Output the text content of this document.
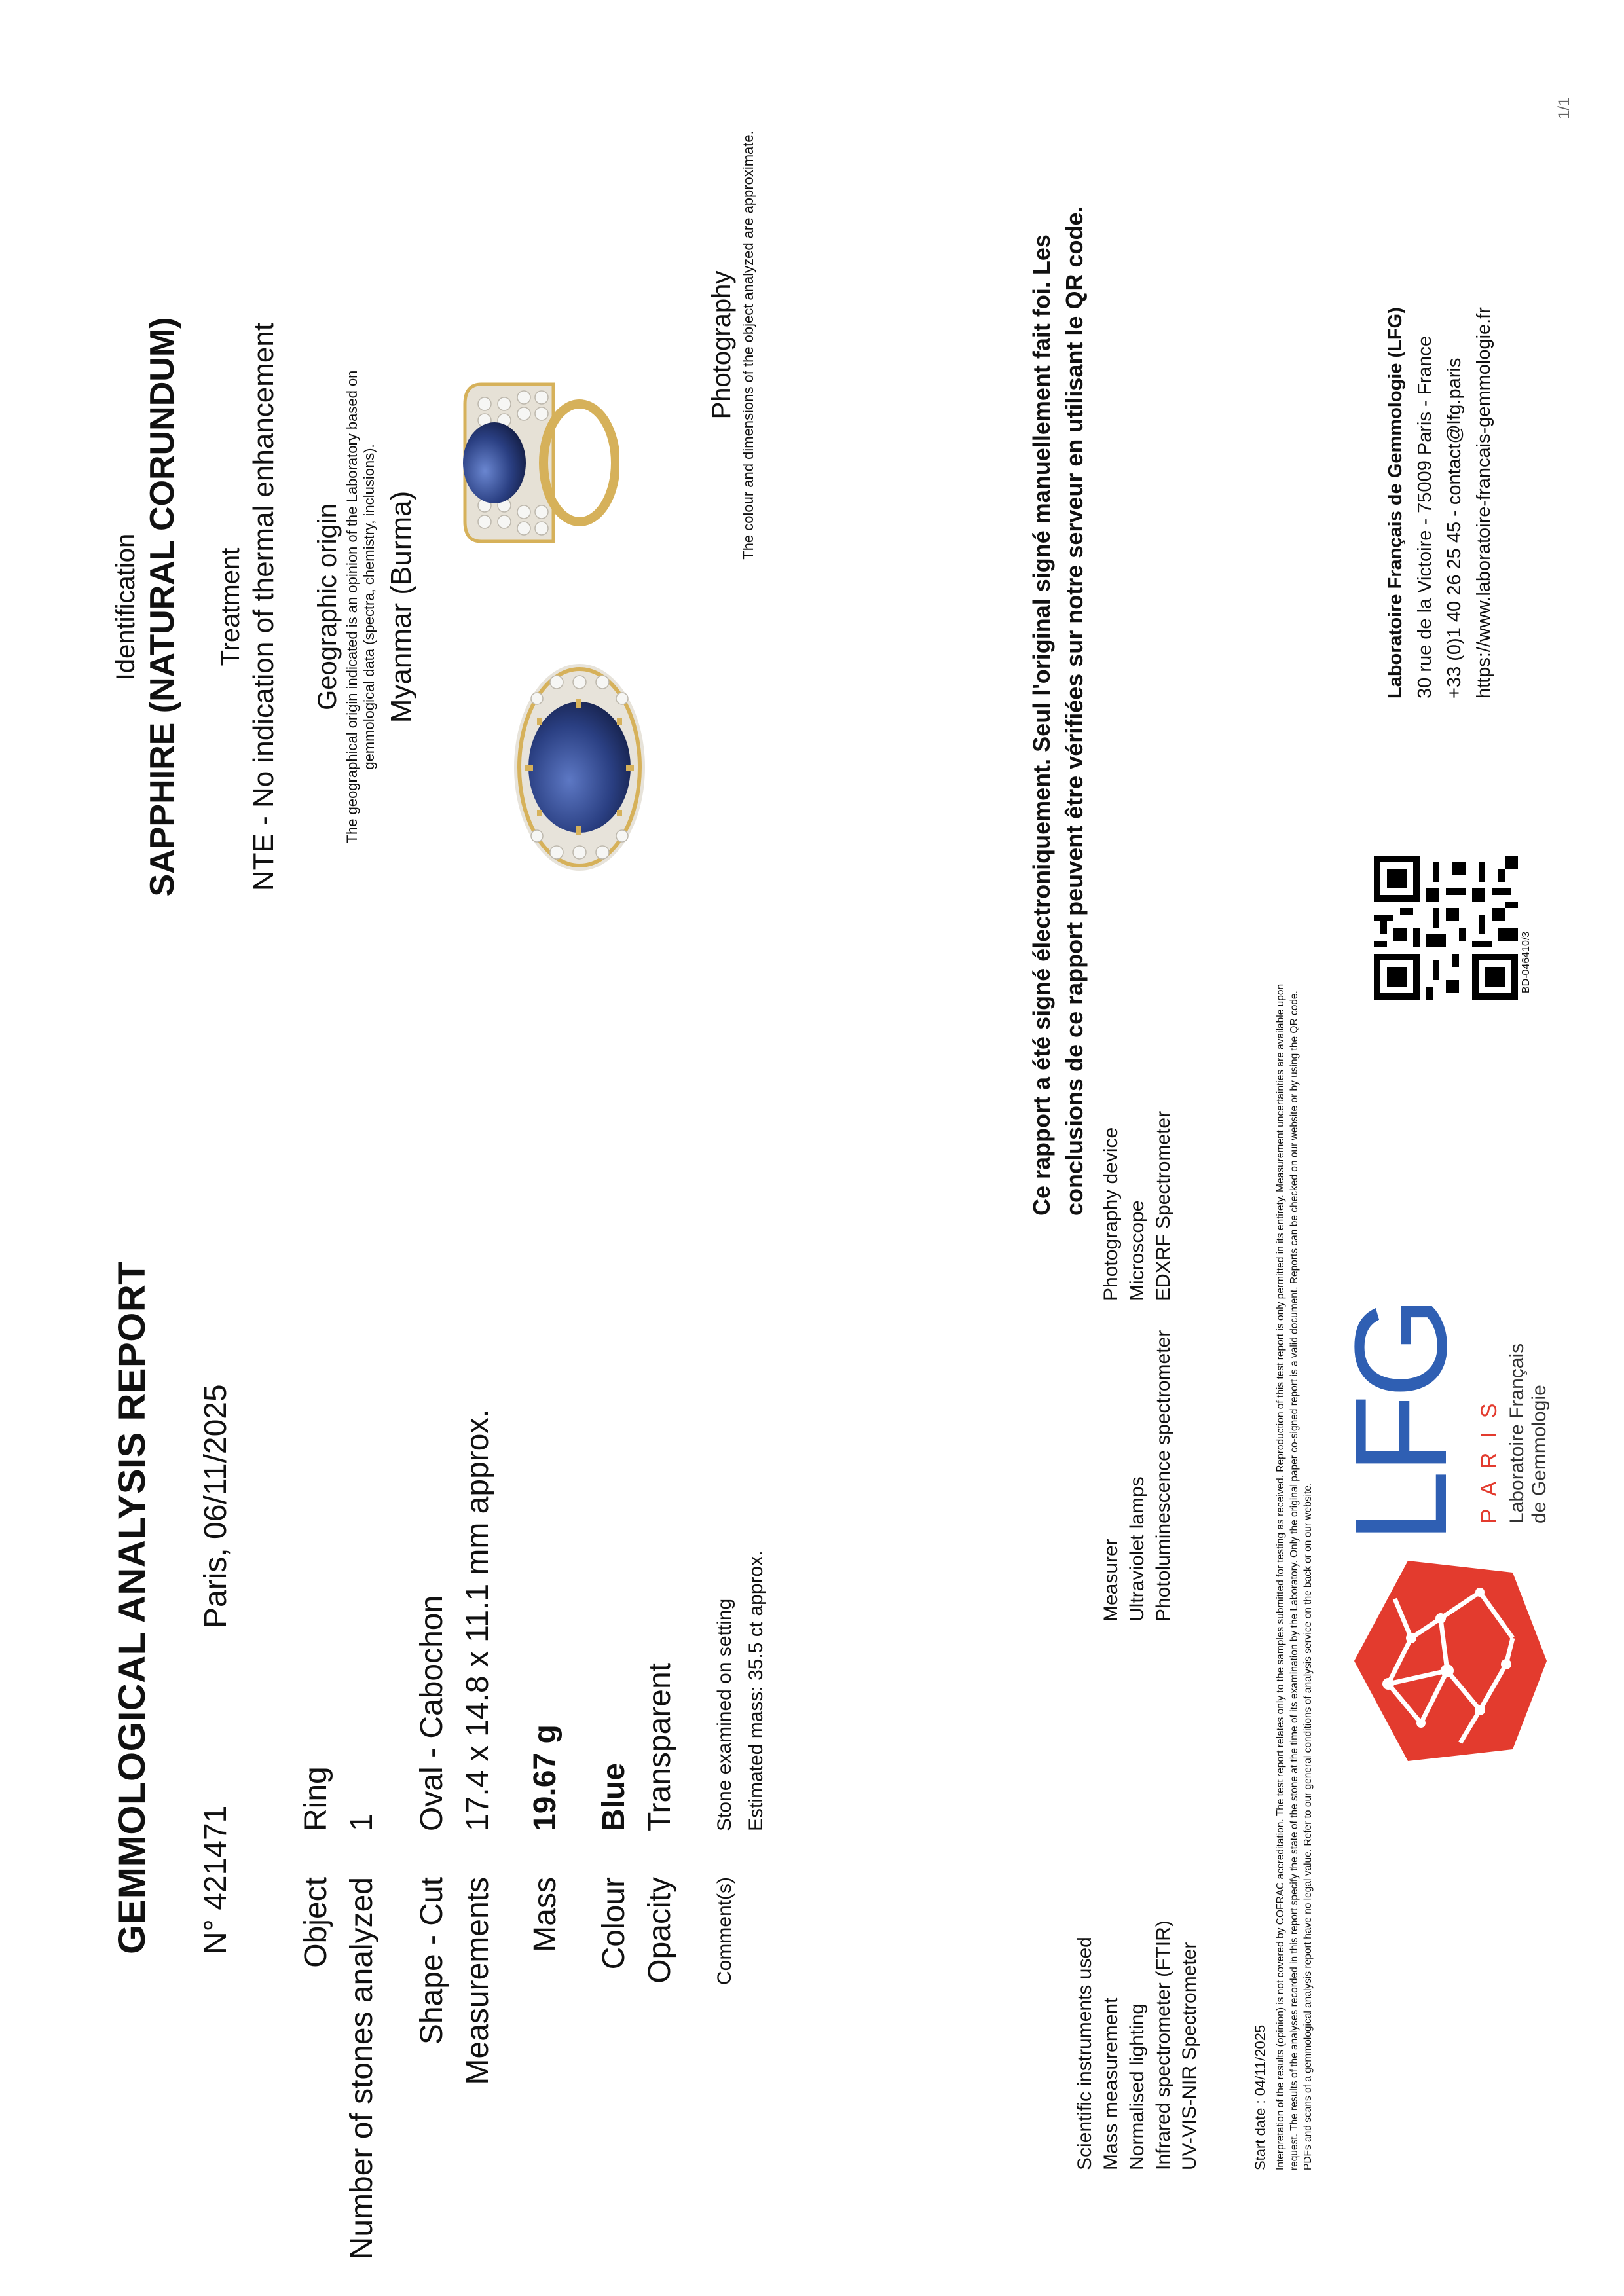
1/1
GEMMOLOGICAL ANALYSIS REPORT N° 421471
Paris, 06/11/2025
Object
Ring
Number of stones analyzed
1
Shape - Cut
Oval - Cabochon
Measurements
17.4 x 14.8 x 11.1 mm approx.
Mass
19.67 g
Colour
Blue
Opacity
Transparent
Comment(s)
Stone examined on setting Estimated mass: 35.5 ct approx.
Scientific instruments used Mass measurement Normalised lighting Infrared spectrometer (FTIR) UV-VIS-NIR Spectrometer
Measurer Ultraviolet lamps Photoluminescence spectrometer
Photography device Microscope EDXRF Spectrometer
Start date : 04/11/2025 Interpretation of the results (opinion) is not covered by COFRAC accreditation. The test report relates only to the samples submitted for testing as received. Reproduction of this test report is only permitted in its entirety. Measurement uncertainties are available upon request. The results of the analyses recorded in this report specify the state of the stone at the time of its examination by the Laboratory. Only the original paper co-signed report is a valid document. Reports can be checked on our website or by using the QR code. PDFs and scans of a gemmological analysis report have no legal value. Refer to our general conditions of analysis service on the back or on our website.
LFG P A R I S Laboratoire Français de Gemmologie
Identification SAPPHIRE (NATURAL CORUNDUM) Treatment NTE - No indication of thermal enhancement Geographic origin The geographical origin indicated is an opinion of the Laboratory based on gemmological data (spectra, chemistry, inclusions). Myanmar (Burma)
Photography The colour and dimensions of the object analyzed are approximate.	Ce rapport a été signé électroniquement. Seul l'original signé manuellement fait foi. Les conclusions de ce rapport peuvent être vérifiées sur notre serveur en utilisant le QR code.	BD-046410/3
Laboratoire Français de Gemmologie (LFG) 30 rue de la Victoire - 75009 Paris - France +33 (0)1 40 26 25 45 - contact@lfg.paris https://www.laboratoire-francais-gemmologie.fr
